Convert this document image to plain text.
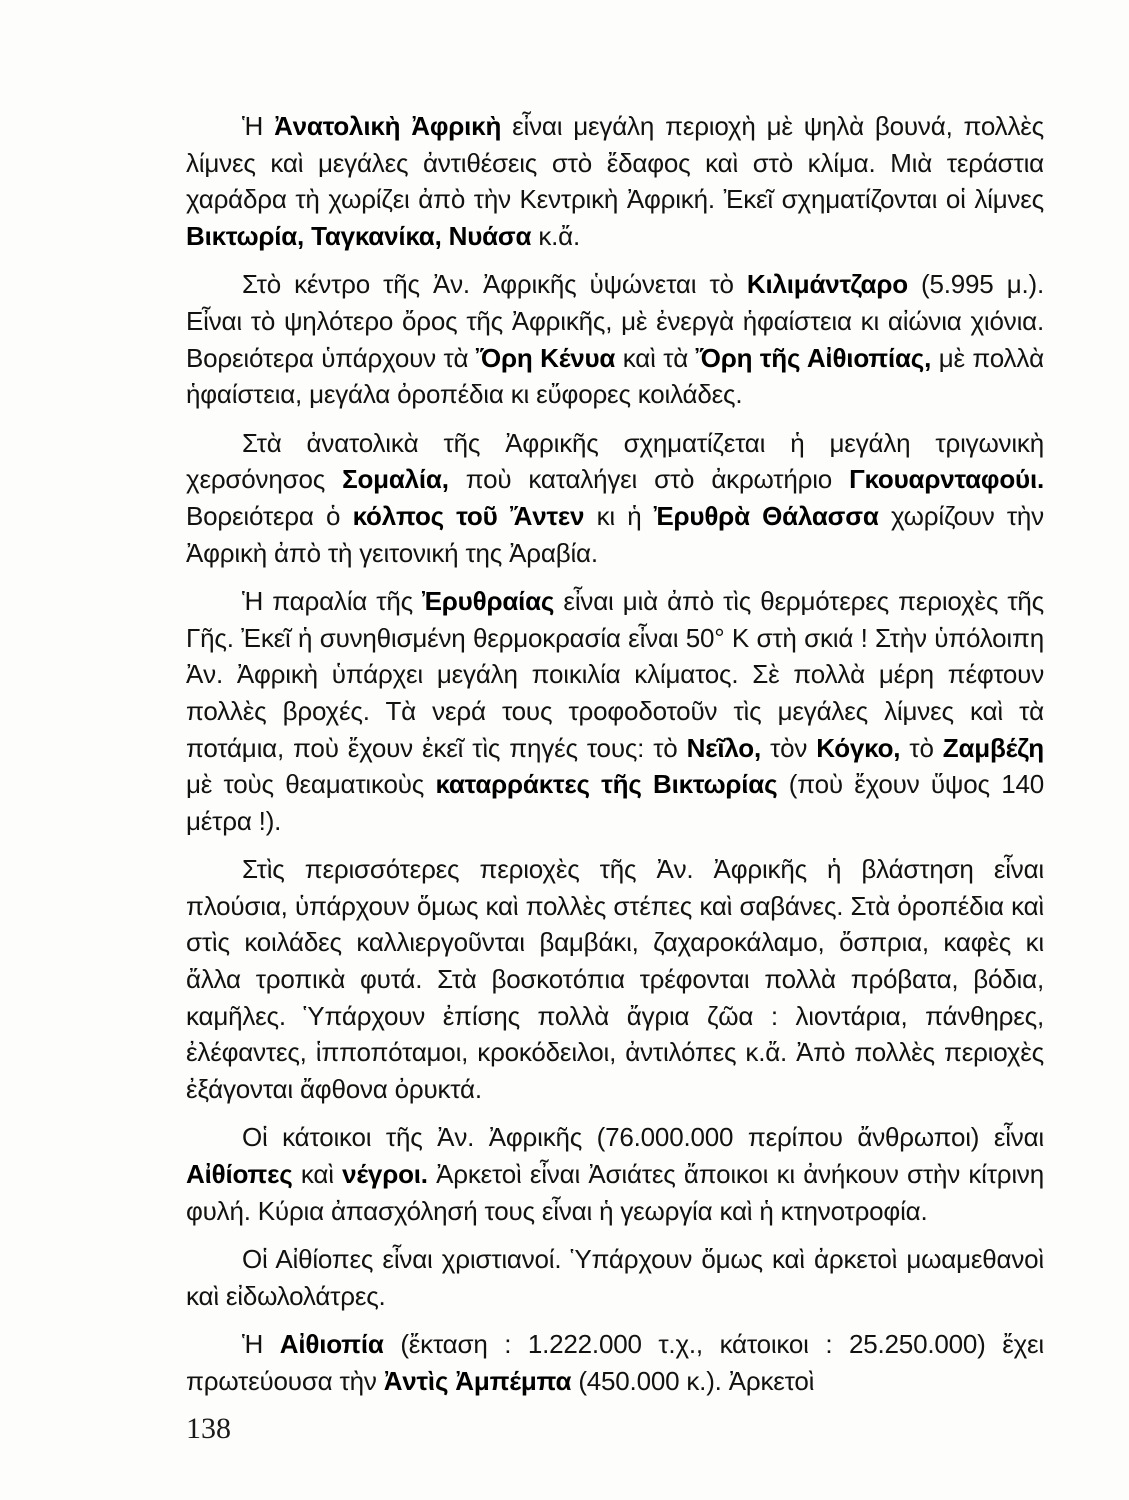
Ἡ Ἀνατολικὴ Ἀφρικὴ εἶναι μεγάλη περιοχὴ μὲ ψηλὰ βουνά, πολλὲς λίμνες καὶ μεγάλες ἀντιθέσεις στὸ ἔδαφος καὶ στὸ κλίμα. Μιὰ τεράστια χαράδρα τὴ χωρίζει ἀπὸ τὴν Κεντρικὴ Ἀφρική. Ἐκεῖ σχηματίζονται οἱ λίμνες Βικτωρία, Ταγκανίκα, Νυάσα κ.ἄ.

Στὸ κέντρο τῆς Ἀν. Ἀφρικῆς ὑψώνεται τὸ Κιλιμάντζαρο (5.995 μ.). Εἶναι τὸ ψηλότερο ὄρος τῆς Ἀφρικῆς, μὲ ἐνεργὰ ἡφαίστεια κι αἰώνια χιόνια. Βορειότερα ὑπάρχουν τὰ Ὄρη Κένυα καὶ τὰ Ὄρη τῆς Αἰθιοπίας, μὲ πολλὰ ἡφαίστεια, μεγάλα ὀροπέδια κι εὔφορες κοιλάδες.

Στὰ ἀνατολικὰ τῆς Ἀφρικῆς σχηματίζεται ἡ μεγάλη τριγωνικὴ χερσόνησος Σομαλία, ποὺ καταλήγει στὸ ἀκρωτήριο Γκουαρνταφούι. Βορειότερα ὁ κόλπος τοῦ Ἄντεν κι ἡ Ἐρυθρὰ Θάλασσα χωρίζουν τὴν Ἀφρικὴ ἀπὸ τὴ γειτονική της Ἀραβία.

Ἡ παραλία τῆς Ἐρυθραίας εἶναι μιὰ ἀπὸ τὶς θερμότερες περιοχὲς τῆς Γῆς. Ἐκεῖ ἡ συνηθισμένη θερμοκρασία εἶναι 50° Κ στὴ σκιά ! Στὴν ὑπόλοιπη Ἀν. Ἀφρικὴ ὑπάρχει μεγάλη ποικιλία κλίματος. Σὲ πολλὰ μέρη πέφτουν πολλὲς βροχές. Τὰ νερά τους τροφοδοτοῦν τὶς μεγάλες λίμνες καὶ τὰ ποτάμια, ποὺ ἔχουν ἐκεῖ τὶς πηγές τους: τὸ Νεῖλο, τὸν Κόγκο, τὸ Ζαμβέζη μὲ τοὺς θεαματικοὺς καταρράκτες τῆς Βικτωρίας (ποὺ ἔχουν ὕψος 140 μέτρα !).

Στὶς περισσότερες περιοχὲς τῆς Ἀν. Ἀφρικῆς ἡ βλάστηση εἶναι πλούσια, ὑπάρχουν ὅμως καὶ πολλὲς στέπες καὶ σαβάνες. Στὰ ὀροπέδια καὶ στὶς κοιλάδες καλλιεργοῦνται βαμβάκι, ζαχαροκάλαμο, ὄσπρια, καφὲς κι ἄλλα τροπικὰ φυτά. Στὰ βοσκοτόπια τρέφονται πολλὰ πρόβατα, βόδια, καμῆλες. Ὑπάρχουν ἐπίσης πολλὰ ἄγρια ζῶα : λιοντάρια, πάνθηρες, ἐλέφαντες, ἱπποπόταμοι, κροκόδειλοι, ἀντιλόπες κ.ἄ. Ἀπὸ πολλὲς περιοχὲς ἐξάγονται ἄφθονα ὀρυκτά.

Οἱ κάτοικοι τῆς Ἀν. Ἀφρικῆς (76.000.000 περίπου ἄνθρωποι) εἶναι Αἰθίοπες καὶ νέγροι. Ἀρκετοὶ εἶναι Ἀσιάτες ἄποικοι κι ἀνήκουν στὴν κίτρινη φυλή. Κύρια ἀπασχόλησή τους εἶναι ἡ γεωργία καὶ ἡ κτηνοτροφία.

Οἱ Αἰθίοπες εἶναι χριστιανοί. Ὑπάρχουν ὅμως καὶ ἀρκετοὶ μωαμεθανοὶ καὶ εἰδωλολάτρες.

Ἡ Αἰθιοπία (ἔκταση : 1.222.000 τ.χ., κάτοικοι : 25.250.000) ἔχει πρωτεύουσα τὴν Ἀντὶς Ἀμπέμπα (450.000 κ.). Ἀρκετοὶ

138
